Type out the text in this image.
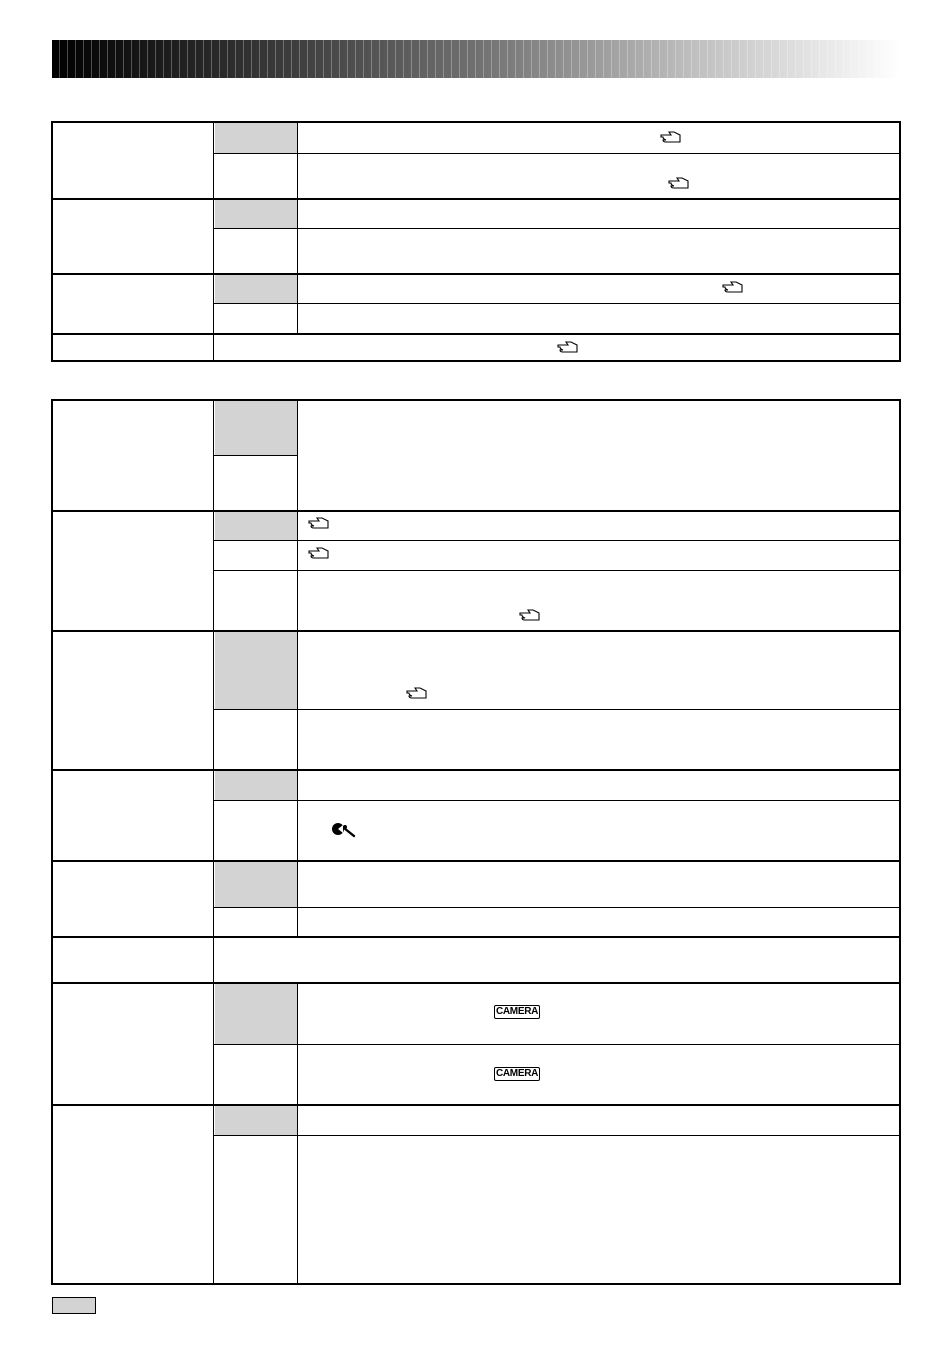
CAMERA
CAMERA
